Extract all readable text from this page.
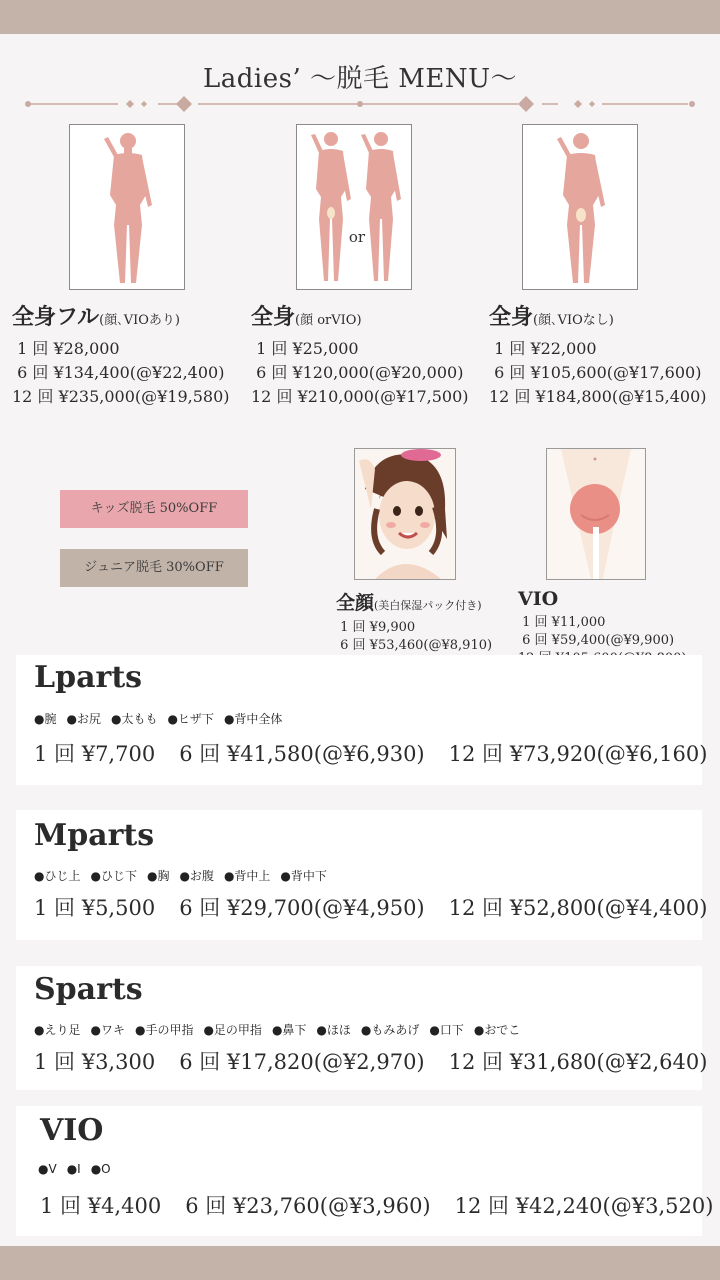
Ladies’ 〜脱毛 MENU〜
or
全身フル(顔､VIOあり)
1 回 ¥28,000
6 回 ¥134,400(@¥22,400)
12 回 ¥235,000(@¥19,580)
全身(顔 orVIO)
1 回 ¥25,000
6 回 ¥120,000(@¥20,000)
12 回 ¥210,000(@¥17,500)
全身(顔､VIOなし)
1 回 ¥22,000
6 回 ¥105,600(@¥17,600)
12 回 ¥184,800(@¥15,400)
キッズ脱毛 50%OFF
ジュニア脱毛 30%OFF
全顔(美白保湿パック付き)
1 回 ¥9,900
6 回 ¥53,460(@¥8,910)

VIO
1 回 ¥11,000
6 回 ¥59,400(@¥9,900)

Lparts
●腕 ●お尻 ●太もも ●ヒザ下 ●背中全体
1 回 ¥7,700 6 回 ¥41,580(@¥6,930) 12 回 ¥73,920(@¥6,160)
Mparts
●ひじ上 ●ひじ下 ●胸 ●お腹 ●背中上 ●背中下
1 回 ¥5,500 6 回 ¥29,700(@¥4,950) 12 回 ¥52,800(@¥4,400)
Sparts
●えり足 ●ワキ ●手の甲指 ●足の甲指 ●鼻下 ●ほほ ●もみあげ ●口下 ●おでこ
1 回 ¥3,300 6 回 ¥17,820(@¥2,970) 12 回 ¥31,680(@¥2,640)
VIO
●V ●I ●O
1 回 ¥4,400 6 回 ¥23,760(@¥3,960) 12 回 ¥42,240(@¥3,520)
